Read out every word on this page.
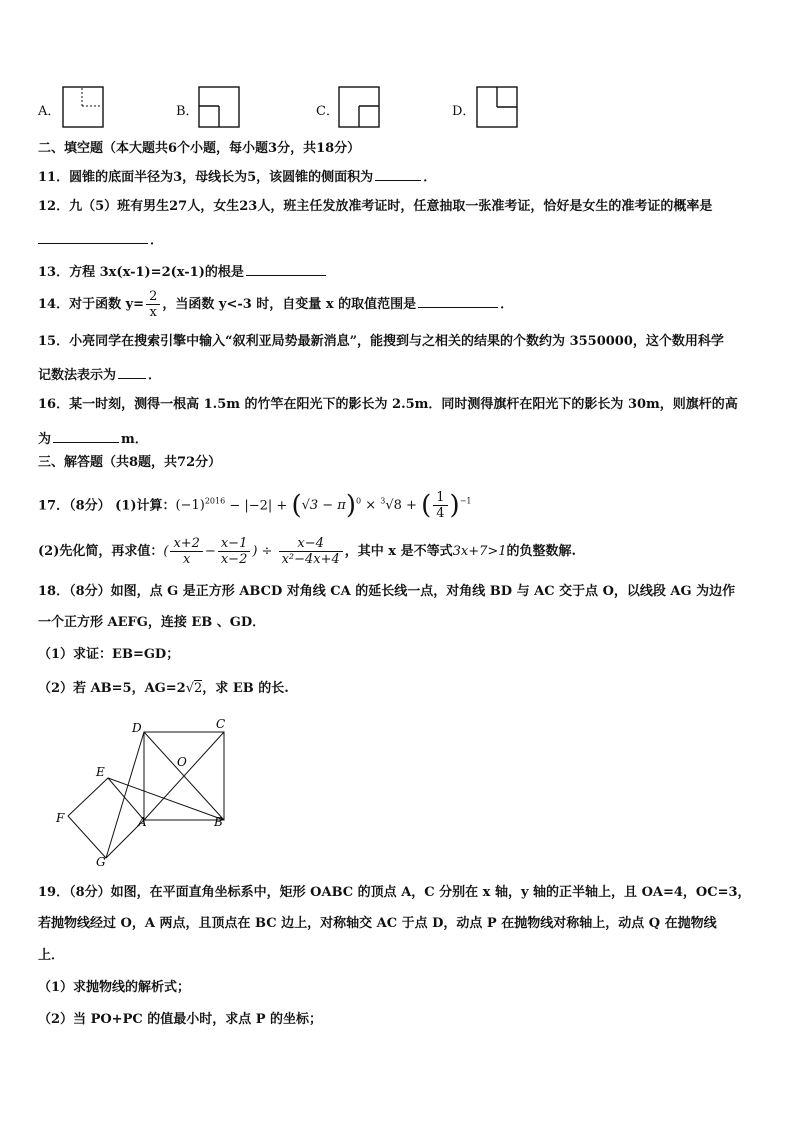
A．	B．	C．	D．
二、填空题（本大题共6个小题，每小题3分，共18分）
11．圆锥的底面半径为3，母线长为5，该圆锥的侧面积为	．
12．九（5）班有男生27人，女生23人，班主任发放准考证时，任意抽取一张准考证，恰好是女生的准考证的概率是
．
13．方程 3x(x-1)=2(x-1)的根是
14．对于函数 $y= \frac{2}{x}$ ，当函数 y<-3 时，自变量 x 的取值范围是	．
15．小亮同学在搜索引擎中输入“叙利亚局势最新消息”，能搜到与之相关的结果的个数约为 3550000，这个数用科学
记数法表示为 ．
16．某一时刻，测得一根高 1.5m 的竹竿在阳光下的影长为 2.5m．同时测得旗杆在阳光下的影长为 30m，则旗杆的高
为	m．
三、解答题（共8题，共72分）
17．（8分） (1)计算：$(-1)^{2016} - |-2| + (√3 - \pi)^0 \times ^3√8$ + ( $\frac{1}{4} )^{-1}$
(2)先化简，再求值：( $\frac{x+2}{x} - \frac{x-1}{x-2}$ ) ÷ $\frac{x-4}{\text{x²−4x+4}}$ ，其中 x 是不等式3x+7>1的负整数解.
18．（8分）如图，点 G 是正方形 ABCD 对角线 CA 的延长线一点，对角线 BD 与 AC 交于点 O，以线段 AG 为边作
一个正方形 AEFG，连接 EB 、GD．
（1）求证：EB=GD；
（2）若 AB=5，AG=2√2，求 EB 的长.
D	C
E
O
F	A	B
G
19．（8分）如图，在平面直角坐标系中，矩形 OABC 的顶点 A，C 分别在 x 轴，y 轴的正半轴上，且 OA=4，OC=3，
若抛物线经过 O，A 两点，且顶点在 BC 边上，对称轴交 AC 于点 D，动点 P 在抛物线对称轴上，动点 Q 在抛物线
上．
（1）求抛物线的解析式；
（2）当 PO+PC 的值最小时，求点 P 的坐标；
